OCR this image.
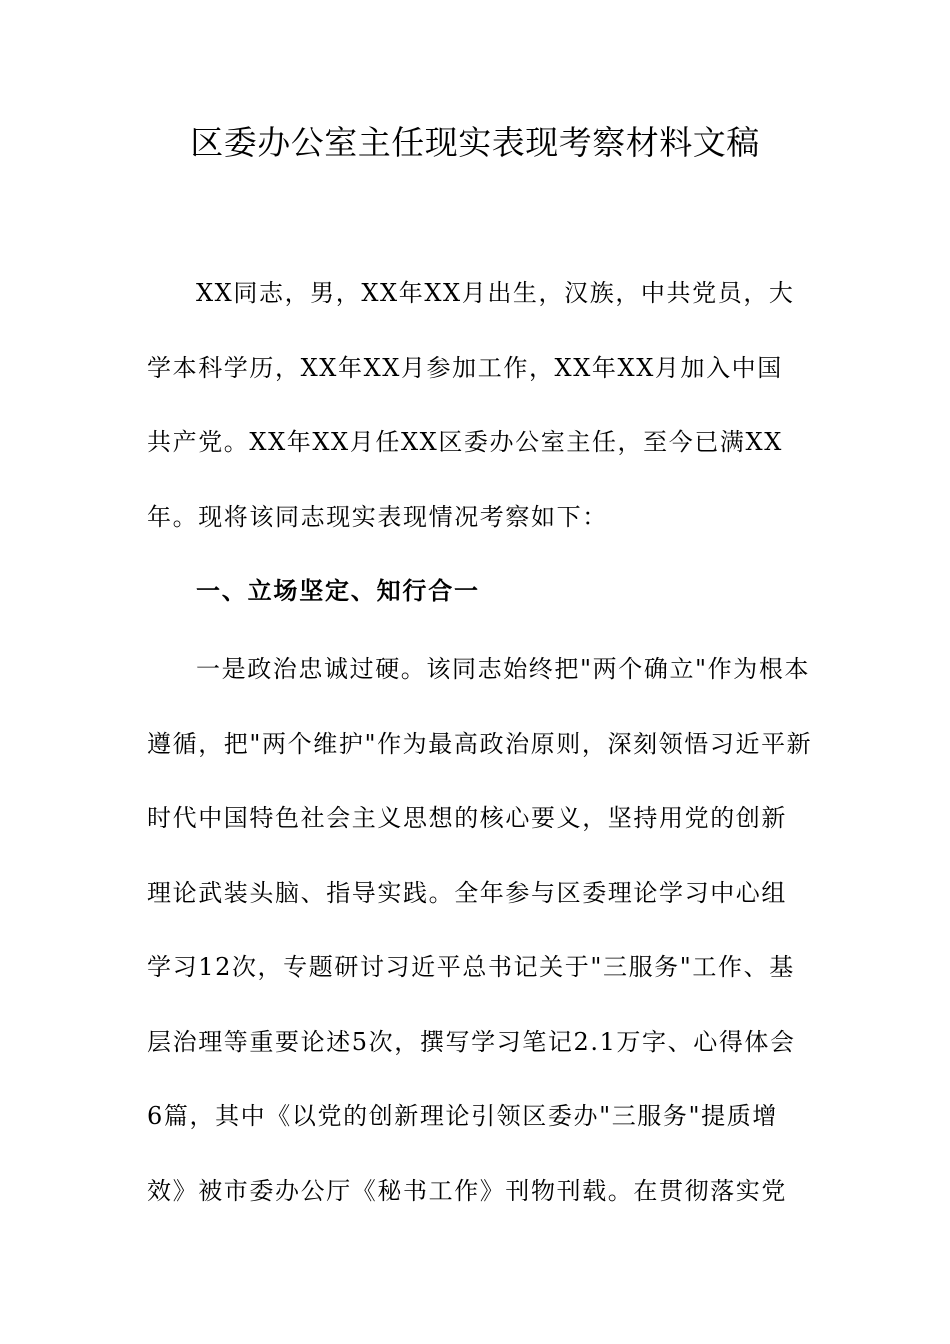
区委办公室主任现实表现考察材料文稿
XX同志，男，XX年XX月出生，汉族，中共党员，大
学本科学历，XX年XX月参加工作，XX年XX月加入中国
共产党。XX年XX月任XX区委办公室主任，至今已满XX
年。现将该同志现实表现情况考察如下：
一、立场坚定、知行合一
一是政治忠诚过硬。该同志始终把"两个确立"作为根本
遵循，把"两个维护"作为最高政治原则，深刻领悟习近平新
时代中国特色社会主义思想的核心要义，坚持用党的创新
理论武装头脑、指导实践。全年参与区委理论学习中心组
学习12次，专题研讨习近平总书记关于"三服务"工作、基
层治理等重要论述5次，撰写学习笔记2.1万字、心得体会
6篇，其中《以党的创新理论引领区委办"三服务"提质增
效》被市委办公厅《秘书工作》刊物刊载。在贯彻落实党
